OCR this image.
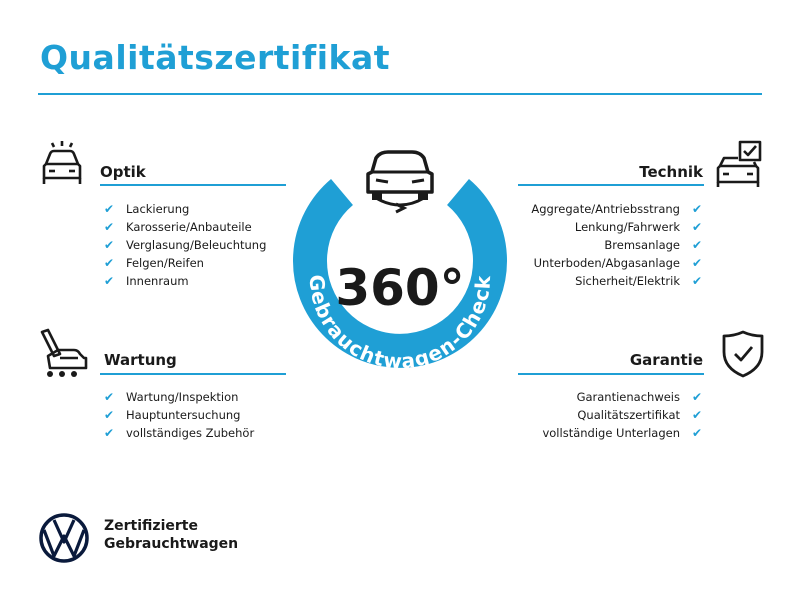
Qualitätszertifikat
360°
Gebrauchtwagen-Check
Optik
✔ Lackierung
✔ Karosserie/Anbauteile
✔ Verglasung/Beleuchtung
✔ Felgen/Reifen
✔ Innenraum
Technik
Aggregate/Antriebsstrang ✔
Lenkung/Fahrwerk ✔
Bremsanlage ✔
Unterboden/Abgasanlage ✔
Sicherheit/Elektrik ✔
Wartung
✔ Wartung/Inspektion
✔ Hauptuntersuchung
✔ vollständiges Zubehör
Garantie
Garantienachweis ✔
Qualitätszertifikat ✔
vollständige Unterlagen ✔
Zertifizierte
Gebrauchtwagen
